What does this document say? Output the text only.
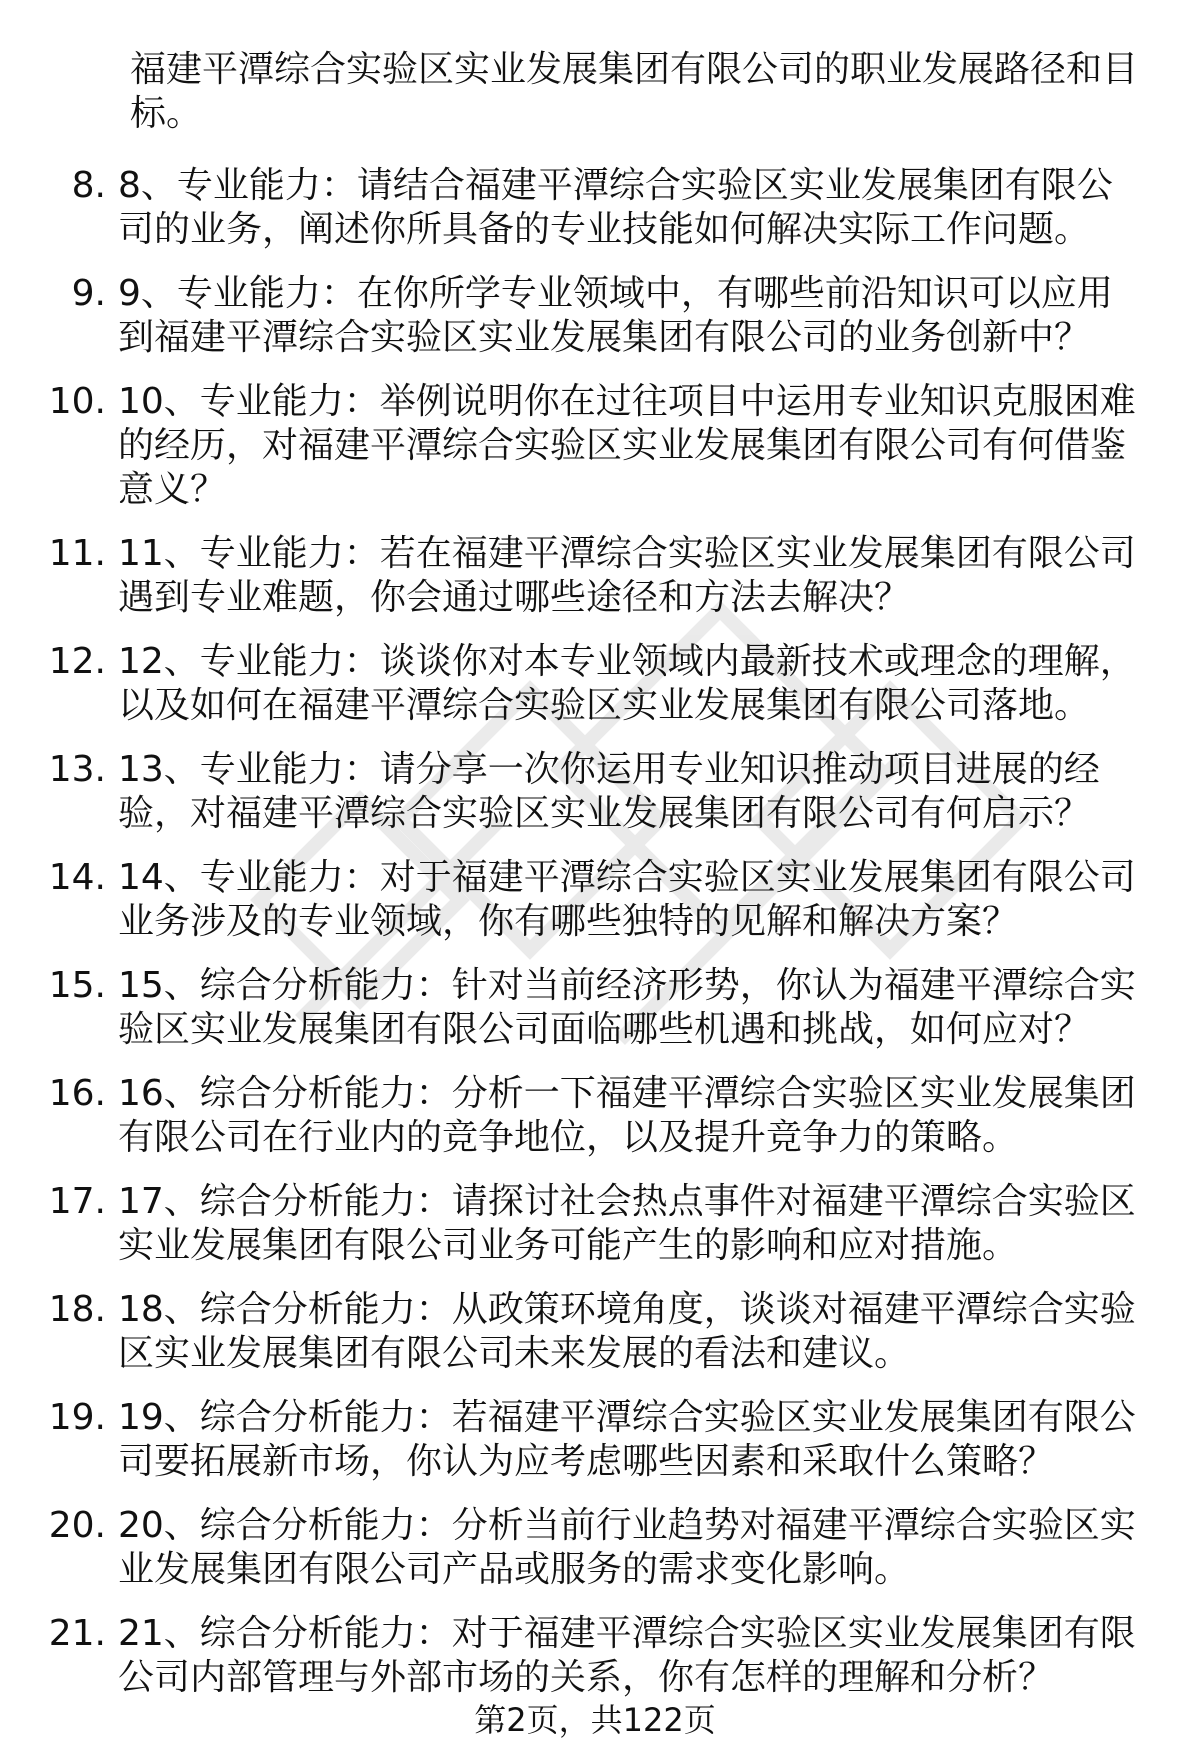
福建平潭综合实验区实业发展集团有限公司的职业发展路径和目标。
8. 8、专业能力：请结合福建平潭综合实验区实业发展集团有限公司的业务，阐述你所具备的专业技能如何解决实际工作问题。
9. 9、专业能力：在你所学专业领域中，有哪些前沿知识可以应用到福建平潭综合实验区实业发展集团有限公司的业务创新中？
10. 10、专业能力：举例说明你在过往项目中运用专业知识克服困难的经历，对福建平潭综合实验区实业发展集团有限公司有何借鉴意义？
11. 11、专业能力：若在福建平潭综合实验区实业发展集团有限公司遇到专业难题，你会通过哪些途径和方法去解决？
12. 12、专业能力：谈谈你对本专业领域内最新技术或理念的理解，以及如何在福建平潭综合实验区实业发展集团有限公司落地。
13. 13、专业能力：请分享一次你运用专业知识推动项目进展的经验，对福建平潭综合实验区实业发展集团有限公司有何启示？
14. 14、专业能力：对于福建平潭综合实验区实业发展集团有限公司业务涉及的专业领域，你有哪些独特的见解和解决方案？
15. 15、综合分析能力：针对当前经济形势，你认为福建平潭综合实验区实业发展集团有限公司面临哪些机遇和挑战，如何应对？
16. 16、综合分析能力：分析一下福建平潭综合实验区实业发展集团有限公司在行业内的竞争地位，以及提升竞争力的策略。
17. 17、综合分析能力：请探讨社会热点事件对福建平潭综合实验区实业发展集团有限公司业务可能产生的影响和应对措施。
18. 18、综合分析能力：从政策环境角度，谈谈对福建平潭综合实验区实业发展集团有限公司未来发展的看法和建议。
19. 19、综合分析能力：若福建平潭综合实验区实业发展集团有限公司要拓展新市场，你认为应考虑哪些因素和采取什么策略？
20. 20、综合分析能力：分析当前行业趋势对福建平潭综合实验区实业发展集团有限公司产品或服务的需求变化影响。
21. 21、综合分析能力：对于福建平潭综合实验区实业发展集团有限公司内部管理与外部市场的关系，你有怎样的理解和分析？
第2页，共122页
